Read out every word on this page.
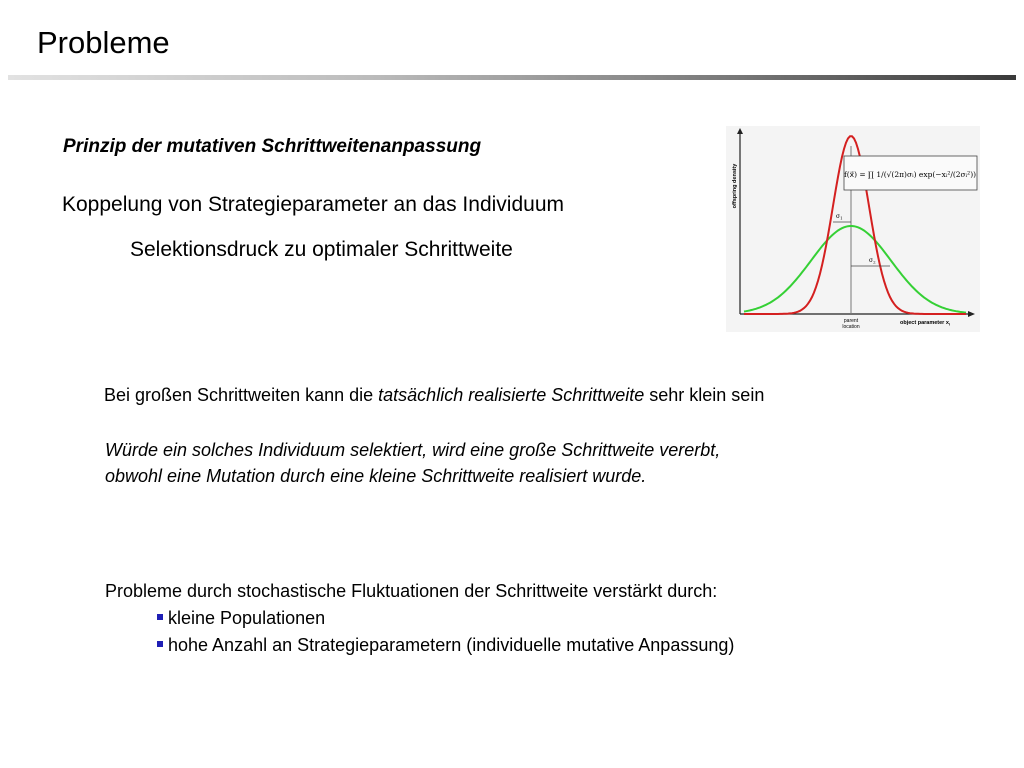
Probleme
Prinzip der mutativen Schrittweitenanpassung
Koppelung von Strategieparameter an das Individuum
Selektionsdruck zu optimaler Schrittweite
$\sigma_1$
$\sigma_2$
f(x⃗) = ∏ 1/(√(2π)σᵢ) exp(−xᵢ²/(2σᵢ²))
offspring density
object parameter $x_i$
parent
location
Bei großen Schrittweiten kann die tatsächlich realisierte Schrittweite sehr klein sein
Würde ein solches Individuum selektiert, wird eine große Schrittweite vererbt,
obwohl eine Mutation durch eine kleine Schrittweite realisiert wurde.
Probleme durch stochastische Fluktuationen der Schrittweite verstärkt durch:
kleine Populationen
hohe Anzahl an Strategieparametern (individuelle mutative Anpassung)
